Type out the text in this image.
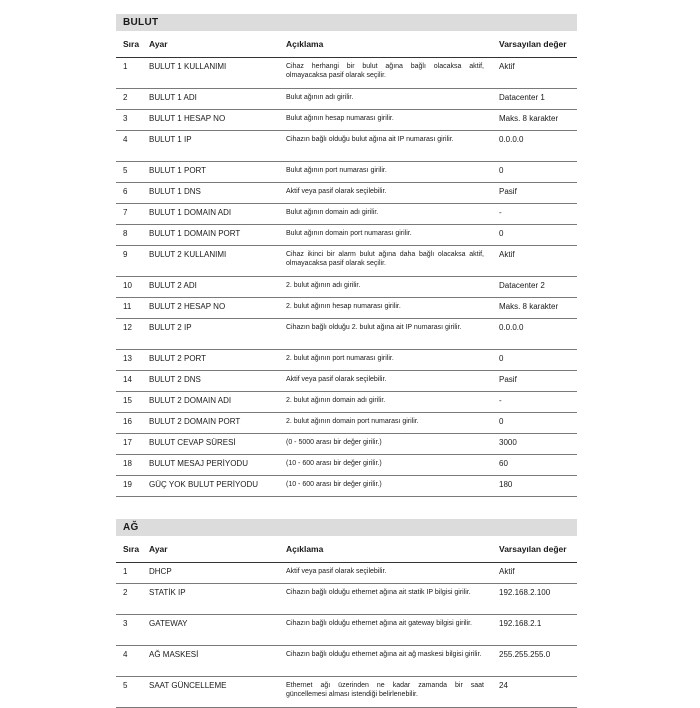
BULUT
Sıra	Ayar	Açıklama	Varsayılan değer
1	BULUT 1 KULLANIMI	Cihaz herhangi bir bulut ağına bağlı olacaksa aktif, olmayacaksa pasif olarak seçilir.	Aktif
2	BULUT 1 ADI	Bulut ağının adı girilir.	Datacenter 1
3	BULUT 1 HESAP NO	Bulut ağının hesap numarası girilir.	Maks. 8 karakter
4	BULUT 1 IP	Cihazın bağlı olduğu bulut ağına ait IP numarası girilir.	0.0.0.0
5	BULUT 1 PORT	Bulut ağının port numarası girilir.	0
6	BULUT 1 DNS	Aktif veya pasif olarak seçilebilir.	Pasif
7	BULUT 1 DOMAIN ADI	Bulut ağının domain adı girilir.	-
8	BULUT 1 DOMAIN PORT	Bulut ağının domain port numarası girilir.	0
9	BULUT 2 KULLANIMI	Cihaz ikinci bir alarm bulut ağına daha bağlı olacaksa aktif, olmayacaksa pasif olarak seçilir.	Aktif
10	BULUT 2 ADI	2. bulut ağının adı girilir.	Datacenter 2
11	BULUT 2 HESAP NO	2. bulut ağının hesap numarası girilir.	Maks. 8 karakter
12	BULUT 2 IP	Cihazın bağlı olduğu 2. bulut ağına ait IP numarası girilir.	0.0.0.0
13	BULUT 2 PORT	2. bulut ağının port numarası girilir.	0
14	BULUT 2 DNS	Aktif veya pasif olarak seçilebilir.	Pasif
15	BULUT 2 DOMAIN ADI	2. bulut ağının domain adı girilir.	-
16	BULUT 2 DOMAIN PORT	2. bulut ağının domain port numarası girilir.	0
17	BULUT CEVAP SÜRESİ	(0 - 5000 arası bir değer girilir.)	3000
18	BULUT MESAJ PERİYODU	(10 - 600 arası bir değer girilir.)	60
19	GÜÇ YOK BULUT PERİYODU	(10 - 600 arası bir değer girilir.)	180
AĞ
Sıra	Ayar	Açıklama	Varsayılan değer
1	DHCP	Aktif veya pasif olarak seçilebilir.	Aktif
2	STATİK IP	Cihazın bağlı olduğu ethernet ağına ait statik IP bilgisi girilir.	192.168.2.100
3	GATEWAY	Cihazın bağlı olduğu ethernet ağına ait gateway bilgisi girilir.	192.168.2.1
4	AĞ MASKESİ	Cihazın bağlı olduğu ethernet ağına ait ağ maskesi bilgisi girilir.	255.255.255.0
5	SAAT GÜNCELLEME	Ethernet ağı üzerinden ne kadar zamanda bir saat güncellemesi alması istendiği belirlenebilir.	24
